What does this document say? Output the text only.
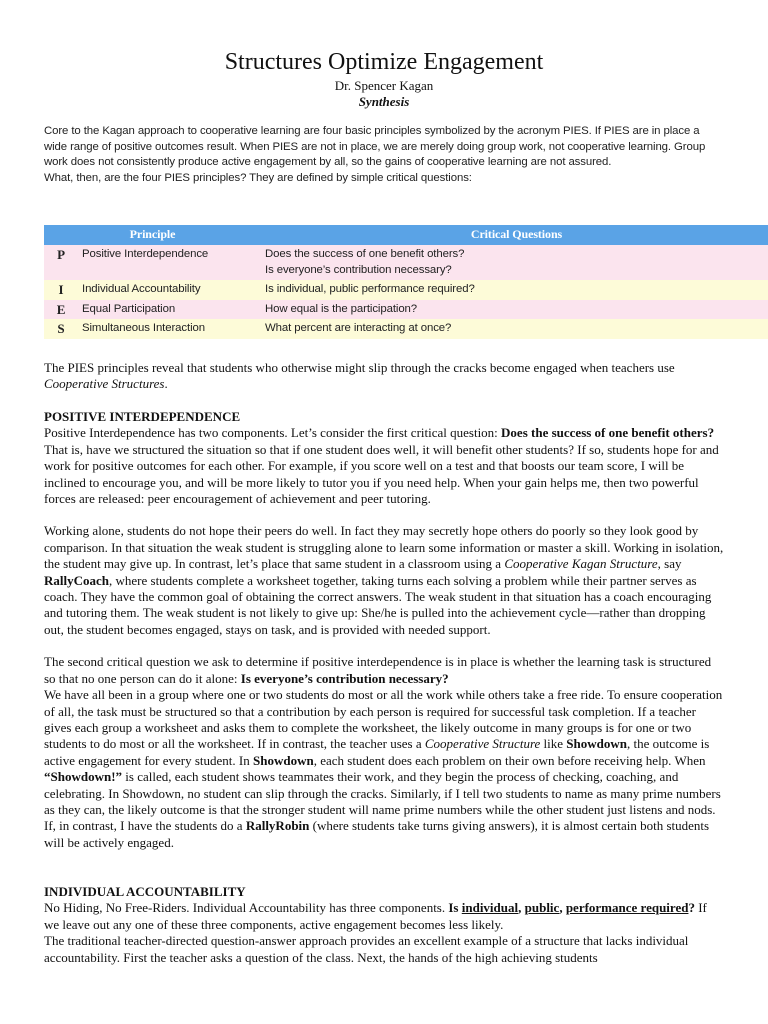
Structures Optimize Engagement
Dr. Spencer Kagan
Synthesis

Core to the Kagan approach to cooperative learning are four basic principles symbolized by the acronym PIES. If PIES are in place a wide range of positive outcomes result. When PIES are not in place, we are merely doing group work, not cooperative learning. Group work does not consistently produce active engagement by all, so the gains of cooperative learning are not assured.

What, then, are the four PIES principles? They are defined by simple critical questions:

Principle		Critical Questions
P	Positive Interdependence	Does the success of one benefit others?
Is everyone’s contribution necessary?

I	Individual Accountability	Is individual, public performance required?
E	Equal Participation	How equal is the participation?
S	Simultaneous Interaction	What percent are interacting at once?

The PIES principles reveal that students who otherwise might slip through the cracks become engaged when teachers use Cooperative Structures.

POSITIVE INTERDEPENDENCE

Positive Interdependence has two components. Let’s consider the first critical question: Does the success of one benefit others? That is, have we structured the situation so that if one student does well, it will benefit other students? If so, students hope for and work for positive outcomes for each other. For example, if you score well on a test and that boosts our team score, I will be inclined to encourage you, and will be more likely to tutor you if you need help. When your gain helps me, then two powerful forces are released: peer encouragement of achievement and peer tutoring.

Working alone, students do not hope their peers do well. In fact they may secretly hope others do poorly so they look good by comparison. In that situation the weak student is struggling alone to learn some information or master a skill. Working in isolation, the student may give up. In contrast, let’s place that same student in a classroom using a Cooperative Kagan Structure, say RallyCoach, where students complete a worksheet together, taking turns each solving a problem while their partner serves as coach. They have the common goal of obtaining the correct answers. The weak student in that situation has a coach encouraging and tutoring them. The weak student is not likely to give up: She/he is pulled into the achievement cycle—rather than dropping out, the student becomes engaged, stays on task, and is provided with needed support.

The second critical question we ask to determine if positive interdependence is in place is whether the learning task is structured so that no one person can do it alone: Is everyone’s contribution necessary?

We have all been in a group where one or two students do most or all the work while others take a free ride. To ensure cooperation of all, the task must be structured so that a contribution by each person is required for successful task completion. If a teacher gives each group a worksheet and asks them to complete the worksheet, the likely outcome in many groups is for one or two students to do most or all the worksheet. If in contrast, the teacher uses a Cooperative Structure like Showdown, the outcome is active engagement for every student. In Showdown, each student does each problem on their own before receiving help. When “Showdown!” is called, each student shows teammates their work, and they begin the process of checking, coaching, and celebrating. In Showdown, no student can slip through the cracks. Similarly, if I tell two students to name as many prime numbers as they can, the likely outcome is that the stronger student will name prime numbers while the other student just listens and nods. If, in contrast, I have the students do a RallyRobin (where students take turns giving answers), it is almost certain both students will be actively engaged.

INDIVIDUAL ACCOUNTABILITY

No Hiding, No Free-Riders. Individual Accountability has three components. Is individual, public, performance required? If we leave out any one of these three components, active engagement becomes less likely.

The traditional teacher-directed question-answer approach provides an excellent example of a structure that lacks individual accountability. First the teacher asks a question of the class. Next, the hands of the high achieving students
